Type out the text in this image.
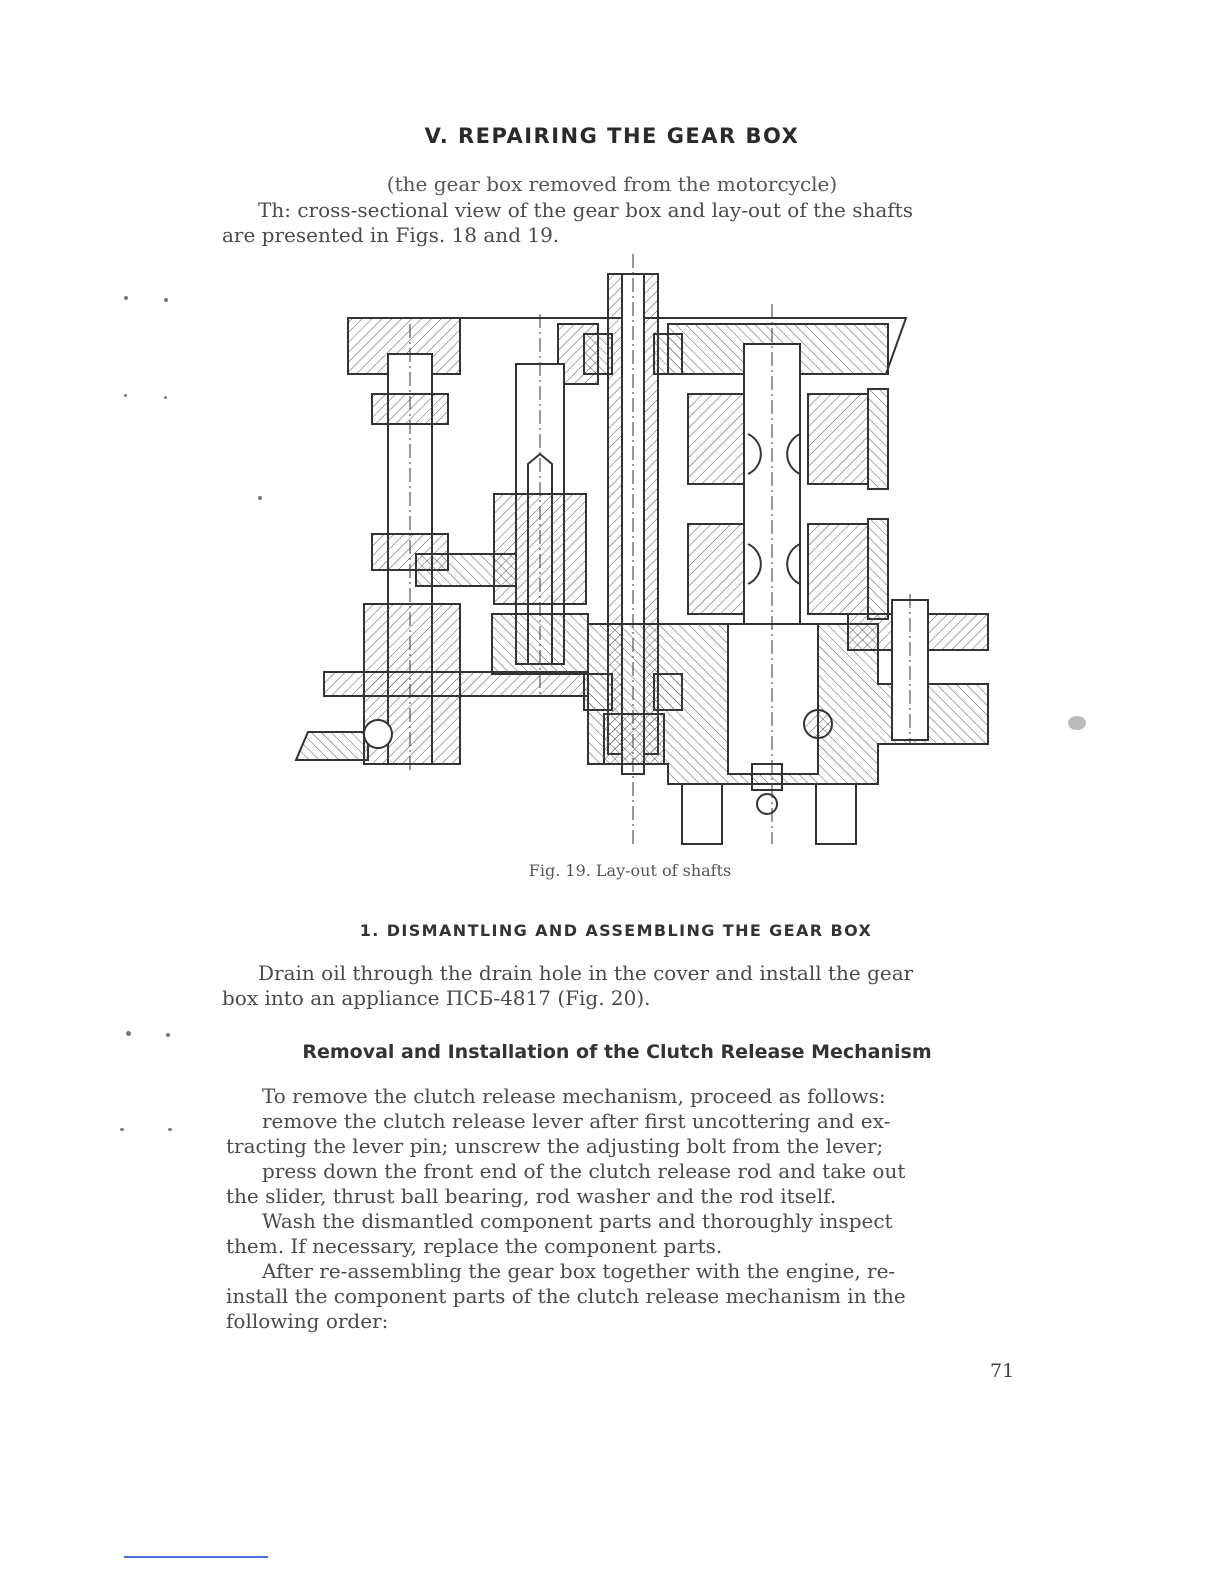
V. REPAIRING THE GEAR BOX
(the gear box removed from the motorcycle)
Th: cross-sectional view of the gear box and lay-out of the shafts
are presented in Figs. 18 and 19.
Fig. 19. Lay-out of shafts
1. DISMANTLING AND ASSEMBLING THE GEAR BOX
Drain oil through the drain hole in the cover and install the gear
box into an appliance ПСБ-4817 (Fig. 20).
Removal and Installation of the Clutch Release Mechanism
To remove the clutch release mechanism, proceed as follows:
remove the clutch release lever after first uncottering and ex-
tracting the lever pin; unscrew the adjusting bolt from the lever;
press down the front end of the clutch release rod and take out
the slider, thrust ball bearing, rod washer and the rod itself.
Wash the dismantled component parts and thoroughly inspect
them. If necessary, replace the component parts.
After re-assembling the gear box together with the engine, re-
install the component parts of the clutch release mechanism in the
following order:
71
